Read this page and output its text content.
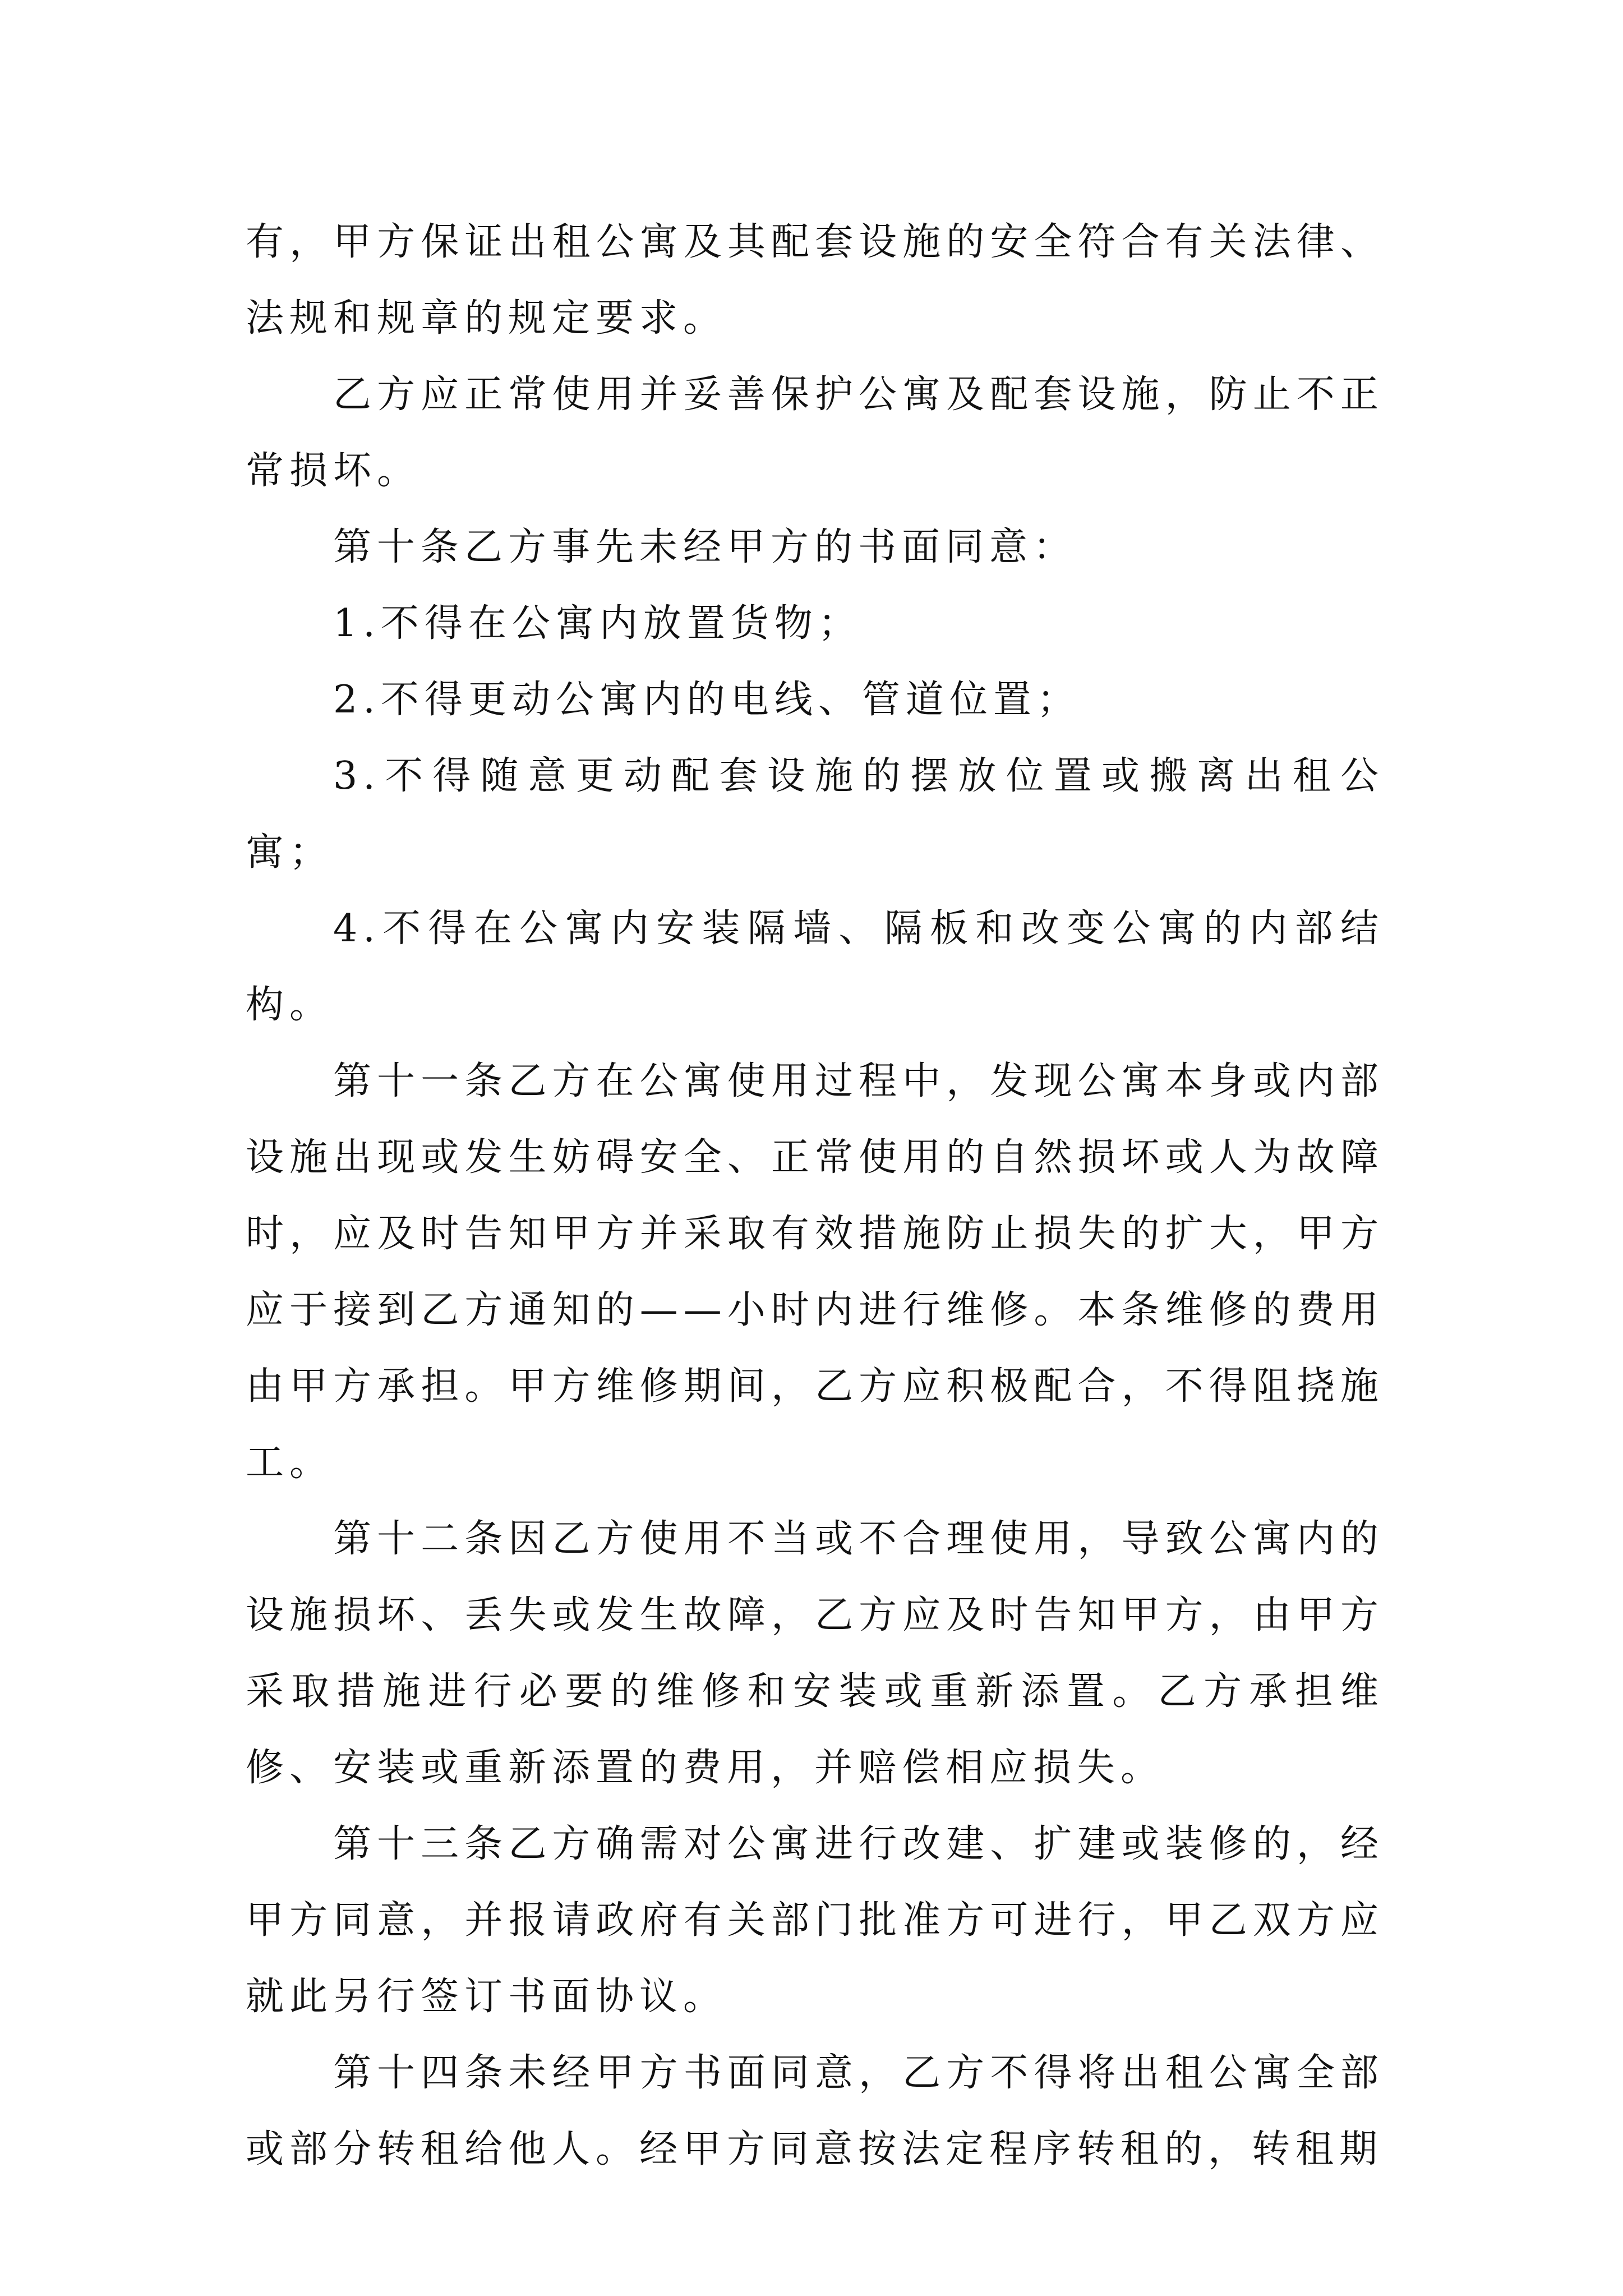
有，甲方保证出租公寓及其配套设施的安全符合有关法律、法规和规章的规定要求。

乙方应正常使用并妥善保护公寓及配套设施，防止不正常损坏。

第十条乙方事先未经甲方的书面同意：

1.不得在公寓内放置货物；

2.不得更动公寓内的电线、管道位置；

3.不得随意更动配套设施的摆放位置或搬离出租公寓；

4.不得在公寓内安装隔墙、隔板和改变公寓的内部结构。

第十一条乙方在公寓使用过程中，发现公寓本身或内部设施出现或发生妨碍安全、正常使用的自然损坏或人为故障时，应及时告知甲方并采取有效措施防止损失的扩大，甲方应于接到乙方通知的——小时内进行维修。本条维修的费用由甲方承担。甲方维修期间，乙方应积极配合，不得阻挠施工。

第十二条因乙方使用不当或不合理使用，导致公寓内的设施损坏、丢失或发生故障，乙方应及时告知甲方，由甲方采取措施进行必要的维修和安装或重新添置。乙方承担维修、安装或重新添置的费用，并赔偿相应损失。

第十三条乙方确需对公寓进行改建、扩建或装修的，经甲方同意，并报请政府有关部门批准方可进行，甲乙双方应就此另行签订书面协议。

第十四条未经甲方书面同意，乙方不得将出租公寓全部或部分转租给他人。经甲方同意按法定程序转租的，转租期
